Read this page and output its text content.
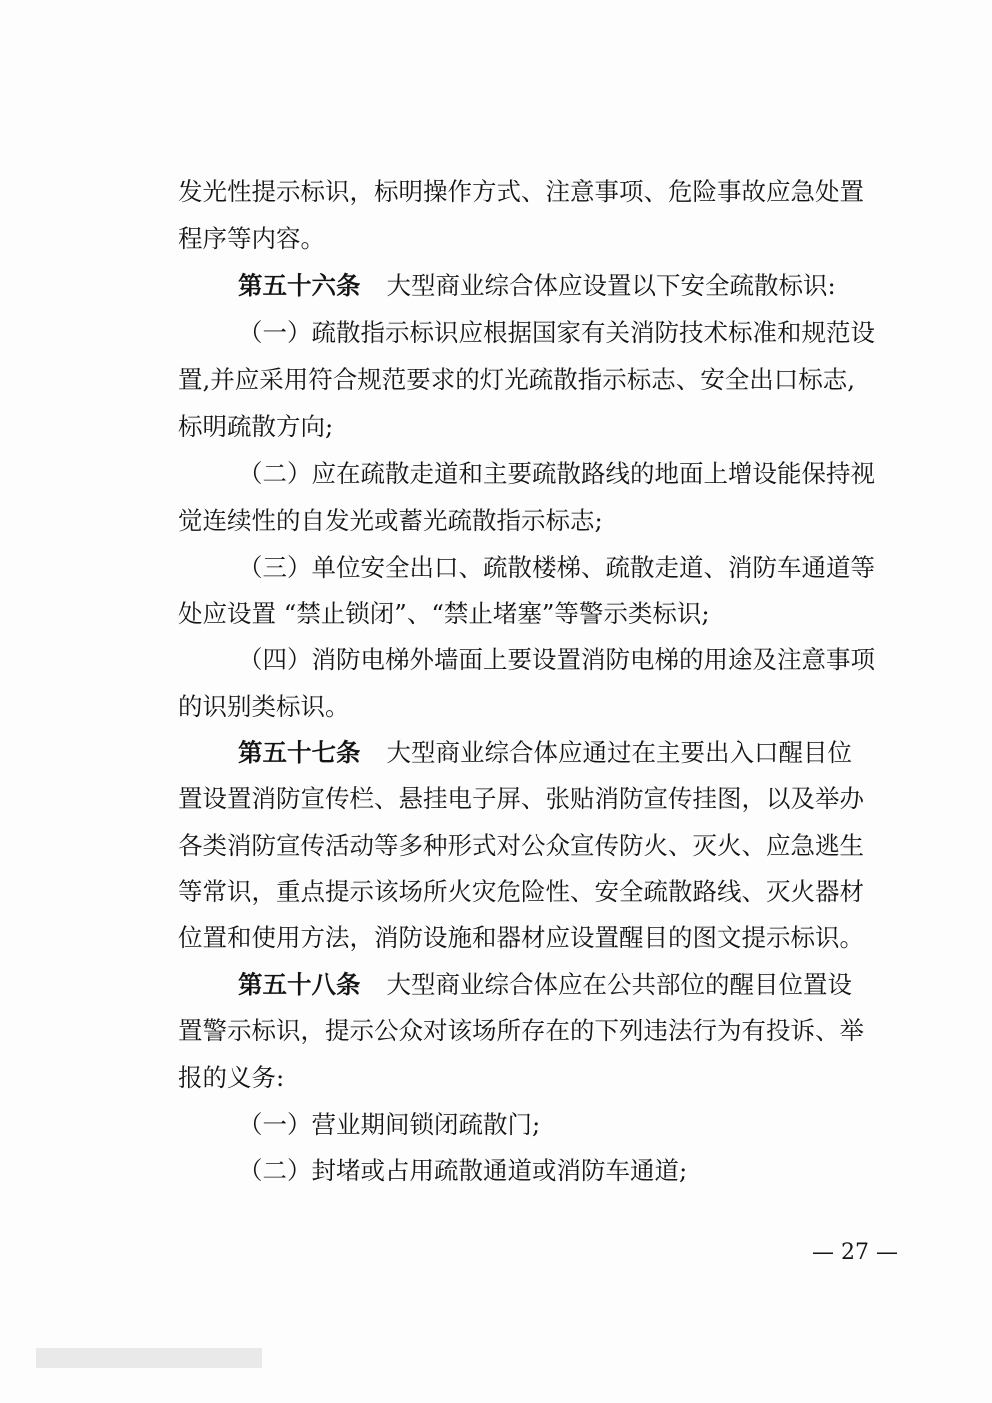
发光性提示标识，标明操作方式、注意事项、危险事故应急处置
程序等内容。
第五十六条 大型商业综合体应设置以下安全疏散标识:
（一）疏散指示标识应根据国家有关消防技术标准和规范设
置,并应采用符合规范要求的灯光疏散指示标志、安全出口标志,
标明疏散方向;
（二）应在疏散走道和主要疏散路线的地面上增设能保持视
觉连续性的自发光或蓄光疏散指示标志;
（三）单位安全出口、疏散楼梯、疏散走道、消防车通道等
处应设置 “禁止锁闭”、“禁止堵塞”等警示类标识;
（四）消防电梯外墙面上要设置消防电梯的用途及注意事项
的识别类标识。
第五十七条 大型商业综合体应通过在主要出入口醒目位
置设置消防宣传栏、悬挂电子屏、张贴消防宣传挂图，以及举办
各类消防宣传活动等多种形式对公众宣传防火、灭火、应急逃生
等常识，重点提示该场所火灾危险性、安全疏散路线、灭火器材
位置和使用方法，消防设施和器材应设置醒目的图文提示标识。
第五十八条 大型商业综合体应在公共部位的醒目位置设
置警示标识，提示公众对该场所存在的下列违法行为有投诉、举
报的义务:
（一）营业期间锁闭疏散门;
（二）封堵或占用疏散通道或消防车通道;
— 27 —
